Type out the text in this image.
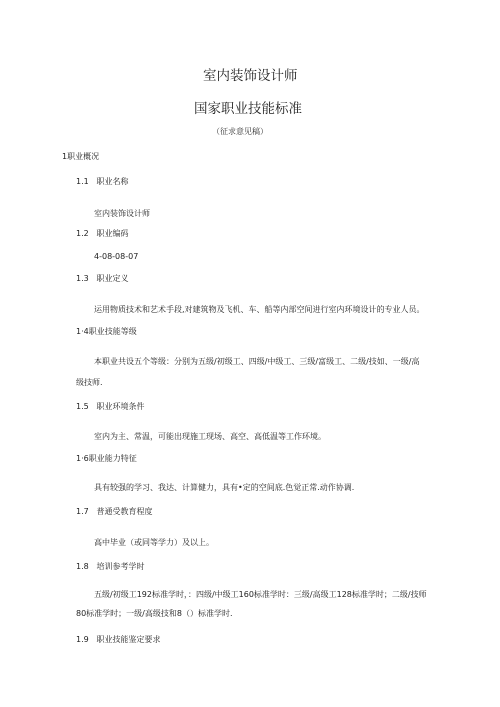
室内装饰设计师
国家职业技能标准
（征求意见稿）
1职业概况
1.1 职业名称
室内装饰设计师
1.2 职业编码
4-08-08-07
1.3 职业定义
运用物质技术和艺术手段,对建筑物及飞机、车、船等内部空间进行室内环境设计的专业人员。
1·4职业技能等级
本职业共设五个等级：分别为五级/初级工、四级/中级工、三级/富级工、二级/技如、一级/高
级技师.
1.5 职业环境条件
室内为主、常温，可能出现施工现场、高空、高低温等工作环境。
1·6职业能力特征
具有较强的学习、我达、计算健力，具有•定的空间底.色觉正常.动作协调.
1.7 普通受教育程度
高中毕业（或同等学力）及以上。
1.8 培训参考学时
五级/初级工192标准学时，：四级/中级工160标准学时：三级/高级工128标准学时；二级/技师
80标准学时；一级/高级技和8（）标准学时.
1.9 职业技能鉴定要求
